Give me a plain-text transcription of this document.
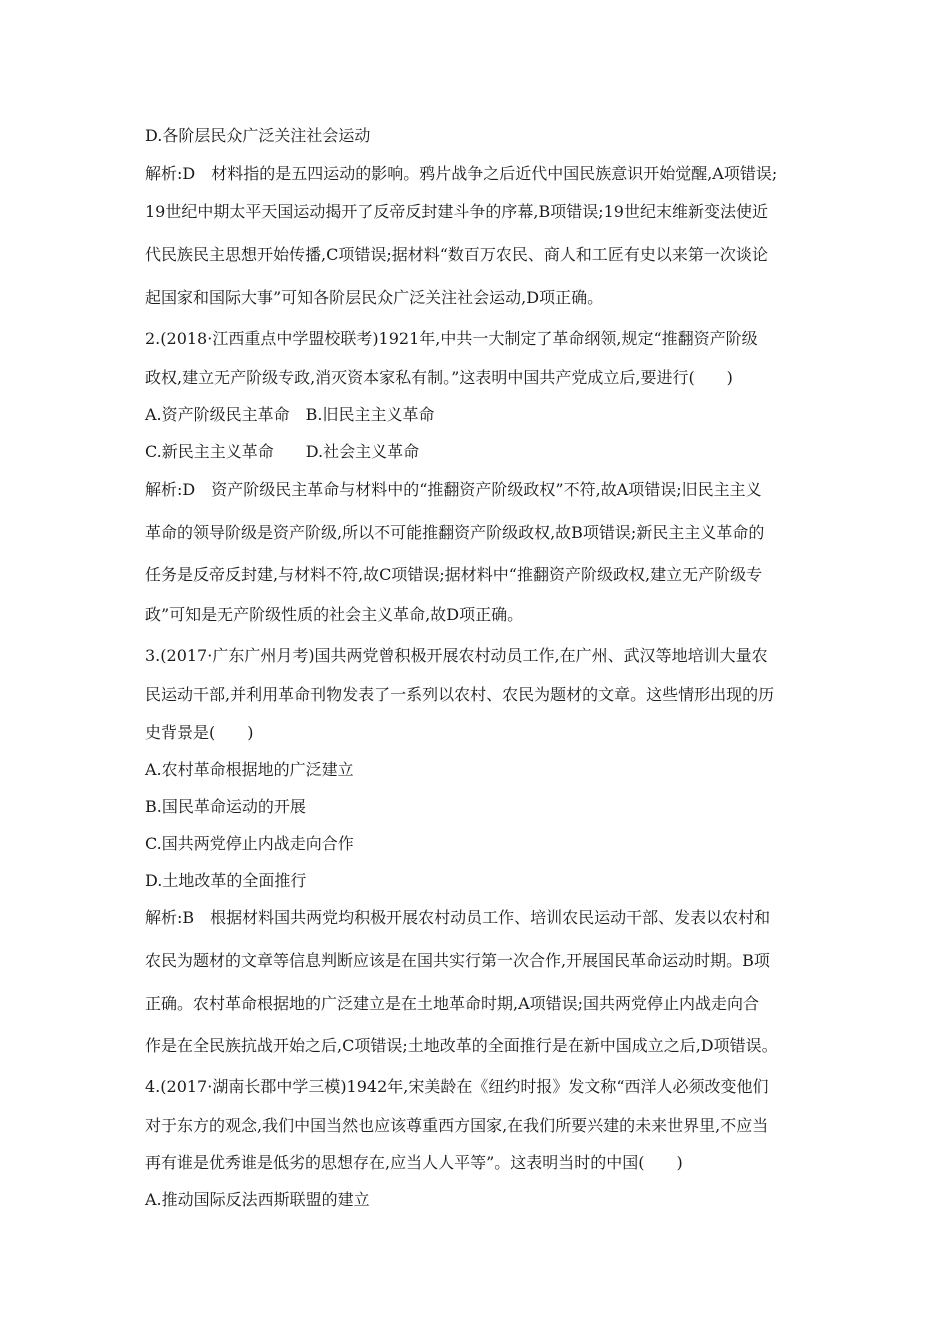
D.各阶层民众广泛关注社会运动
解析:D　材料指的是五四运动的影响。鸦片战争之后近代中国民族意识开始觉醒,A项错误;
19世纪中期太平天国运动揭开了反帝反封建斗争的序幕,B项错误;19世纪末维新变法使近
代民族民主思想开始传播,C项错误;据材料“数百万农民、商人和工匠有史以来第一次谈论
起国家和国际大事”可知各阶层民众广泛关注社会运动,D项正确。
2.(2018·江西重点中学盟校联考)1921年,中共一大制定了革命纲领,规定“推翻资产阶级
政权,建立无产阶级专政,消灭资本家私有制。”这表明中国共产党成立后,要进行(　　)
A.资产阶级民主革命　B.旧民主主义革命
C.新民主主义革命　　D.社会主义革命
解析:D　资产阶级民主革命与材料中的“推翻资产阶级政权”不符,故A项错误;旧民主主义
革命的领导阶级是资产阶级,所以不可能推翻资产阶级政权,故B项错误;新民主主义革命的
任务是反帝反封建,与材料不符,故C项错误;据材料中“推翻资产阶级政权,建立无产阶级专
政”可知是无产阶级性质的社会主义革命,故D项正确。
3.(2017·广东广州月考)国共两党曾积极开展农村动员工作,在广州、武汉等地培训大量农
民运动干部,并利用革命刊物发表了一系列以农村、农民为题材的文章。这些情形出现的历
史背景是(　　)
A.农村革命根据地的广泛建立
B.国民革命运动的开展
C.国共两党停止内战走向合作
D.土地改革的全面推行
解析:B　根据材料国共两党均积极开展农村动员工作、培训农民运动干部、发表以农村和
农民为题材的文章等信息判断应该是在国共实行第一次合作,开展国民革命运动时期。B项
正确。农村革命根据地的广泛建立是在土地革命时期,A项错误;国共两党停止内战走向合
作是在全民族抗战开始之后,C项错误;土地改革的全面推行是在新中国成立之后,D项错误。
4.(2017·湖南长郡中学三模)1942年,宋美龄在《纽约时报》发文称“西洋人必须改变他们
对于东方的观念,我们中国当然也应该尊重西方国家,在我们所要兴建的未来世界里,不应当
再有谁是优秀谁是低劣的思想存在,应当人人平等”。这表明当时的中国(　　)
A.推动国际反法西斯联盟的建立
